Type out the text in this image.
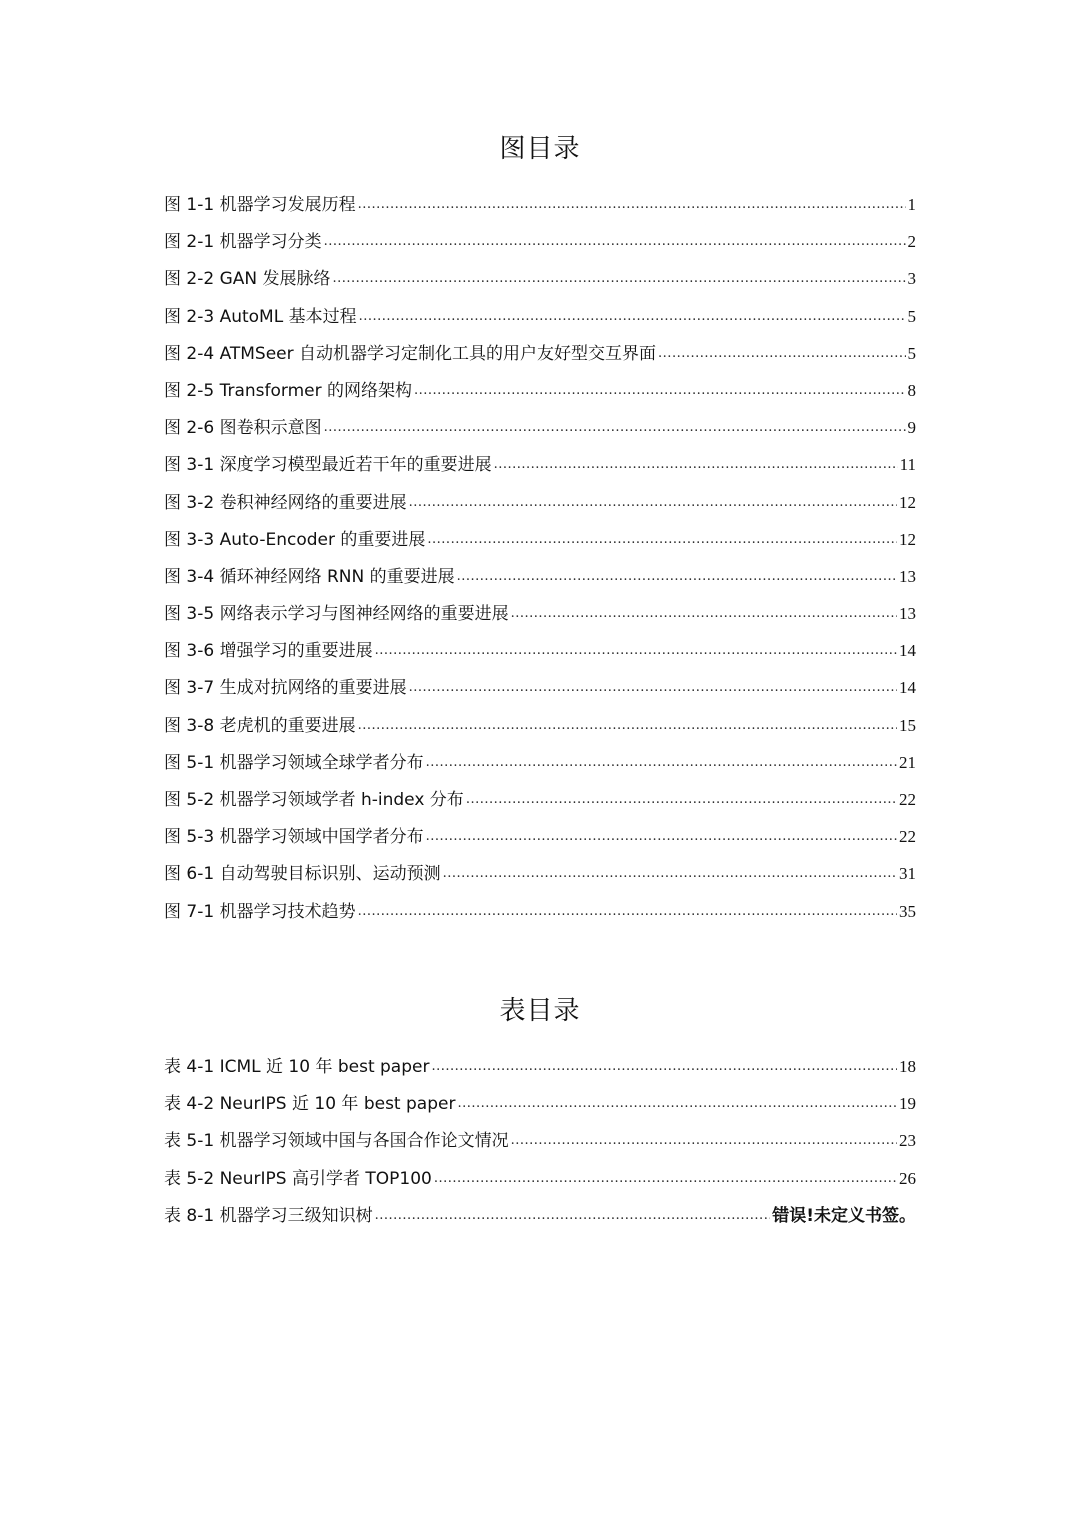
图目录
图 1-1 机器学习发展历程 .....	1
图 2-1 机器学习分类 .....	2
图 2-2 GAN 发展脉络 .....	3
图 2-3 AutoML 基本过程 .....	5
图 2-4 ATMSeer 自动机器学习定制化工具的用户友好型交互界面 .....	5
图 2-5 Transformer 的网络架构 .....	8
图 2-6 图卷积示意图 .....	9
图 3-1 深度学习模型最近若干年的重要进展 .....	11
图 3-2 卷积神经网络的重要进展 .....	12
图 3-3 Auto-Encoder 的重要进展 .....	12
图 3-4 循环神经网络 RNN 的重要进展 .....	13
图 3-5 网络表示学习与图神经网络的重要进展 .....	13
图 3-6 增强学习的重要进展 .....	14
图 3-7 生成对抗网络的重要进展 .....	14
图 3-8 老虎机的重要进展 .....	15
图 5-1 机器学习领域全球学者分布 .....	21
图 5-2 机器学习领域学者 h-index 分布 .....	22
图 5-3 机器学习领域中国学者分布 .....	22
图 6-1 自动驾驶目标识别、运动预测 .....	31
图 7-1 机器学习技术趋势 .....	35
表目录
表 4-1 ICML 近 10 年 best paper .....	18
表 4-2 NeurIPS 近 10 年 best paper .....	19
表 5-1 机器学习领域中国与各国合作论文情况 .....	23
表 5-2 NeurIPS 高引学者 TOP100 .....	26
表 8-1 机器学习三级知识树 .....	错误!未定义书签。
